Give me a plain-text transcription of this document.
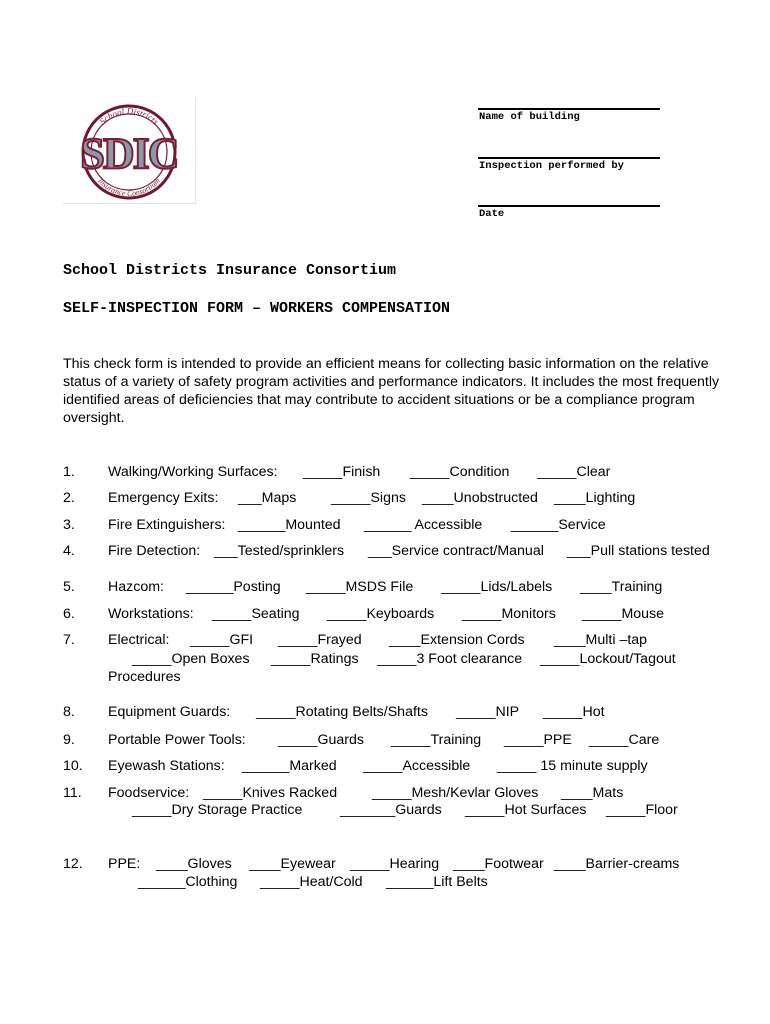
School Districts
Insurance Consortium
SDIC
Name of building
Inspection performed by
Date
School Districts Insurance Consortium
SELF-INSPECTION FORM – WORKERS COMPENSATION
This check form is intended to provide an efficient means for collecting basic information on the relative status of a variety of safety program activities and performance indicators. It includes the most frequently identified areas of deficiencies that may contribute to accident situations or be a compliance program oversight.
1. Walking/Working Surfaces: _____Finish _____Condition _____Clear
2. Emergency Exits: ___Maps _____Signs ____Unobstructed ____Lighting
3. Fire Extinguishers: ______Mounted ______ Accessible ______Service
4. Fire Detection: ___Tested/sprinklers ___Service contract/Manual ___Pull stations tested
5. Hazcom: ______Posting _____MSDS File _____Lids/Labels ____Training
6. Workstations: _____Seating _____Keyboards _____Monitors _____Mouse
7. Electrical: _____GFI _____Frayed ____Extension Cords ____Multi –tap
_____Open Boxes _____Ratings _____3 Foot clearance _____Lockout/Tagout
Procedures
8. Equipment Guards: _____Rotating Belts/Shafts _____NIP _____Hot
9. Portable Power Tools: _____Guards _____Training _____PPE _____Care
10. Eyewash Stations: ______Marked _____Accessible _____ 15 minute supply
11. Foodservice: _____Knives Racked _____Mesh/Kevlar Gloves ____Mats
_____Dry Storage Practice	_______Guards _____Hot Surfaces _____Floor
12. PPE: ____Gloves ____Eyewear _____Hearing ____Footwear ____Barrier-creams
______Clothing _____Heat/Cold ______Lift Belts
